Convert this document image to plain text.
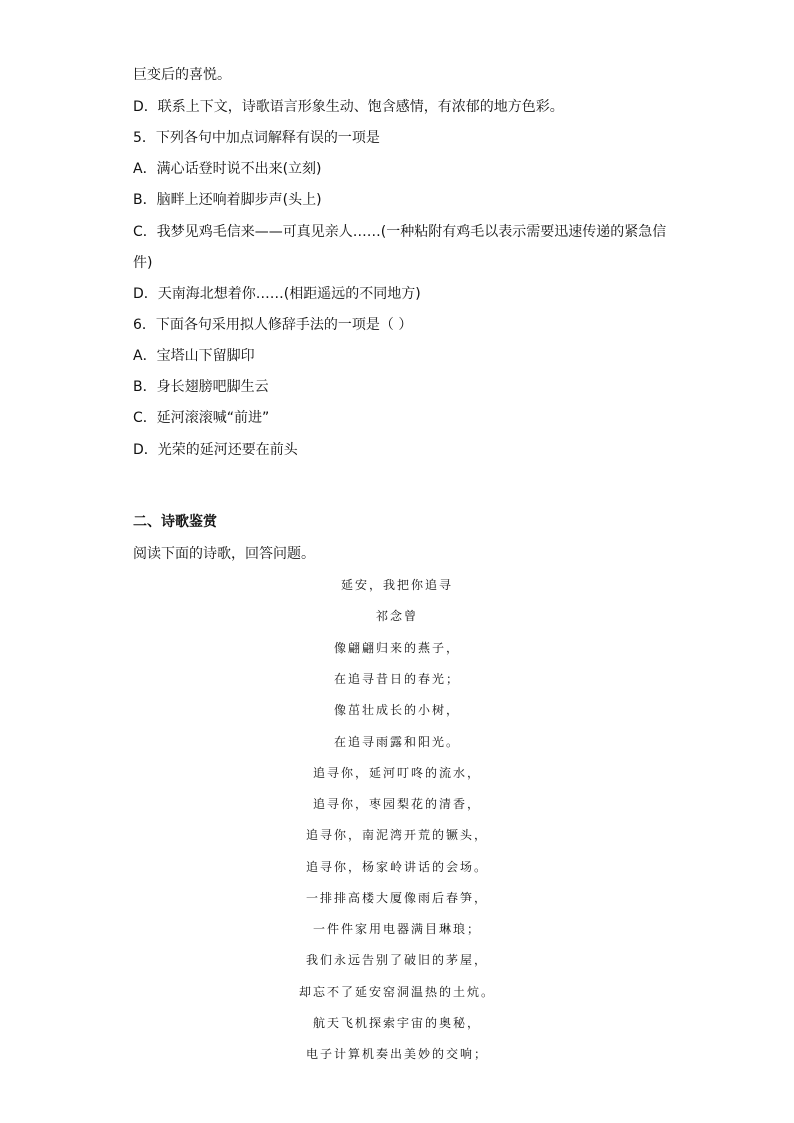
巨变后的喜悦。
D．联系上下文，诗歌语言形象生动、饱含感情，有浓郁的地方色彩。
5．下列各句中加点词解释有误的一项是
A．满心话登时说不出来(立刻)
B．脑畔上还响着脚步声(头上)
C．我梦见鸡毛信来——可真见亲人……(一种粘附有鸡毛以表示需要迅速传递的紧急信
件)
D．天南海北想着你……(相距遥远的不同地方)
6．下面各句采用拟人修辞手法的一项是（ ）
A．宝塔山下留脚印
B．身长翅膀吧脚生云
C．延河滚滚喊“前进”
D．光荣的延河还要在前头
二、诗歌鉴赏
阅读下面的诗歌，回答问题。
延安，我把你追寻
祁念曾
像翩翩归来的燕子，
在追寻昔日的春光；
像茁壮成长的小树，
在追寻雨露和阳光。
追寻你，延河叮咚的流水，
追寻你，枣园梨花的清香，
追寻你，南泥湾开荒的镢头，
追寻你，杨家岭讲话的会场。
一排排高楼大厦像雨后春笋，
一件件家用电器满目琳琅；
我们永远告别了破旧的茅屋，
却忘不了延安窑洞温热的土炕。
航天飞机探索宇宙的奥秘，
电子计算机奏出美妙的交响；
